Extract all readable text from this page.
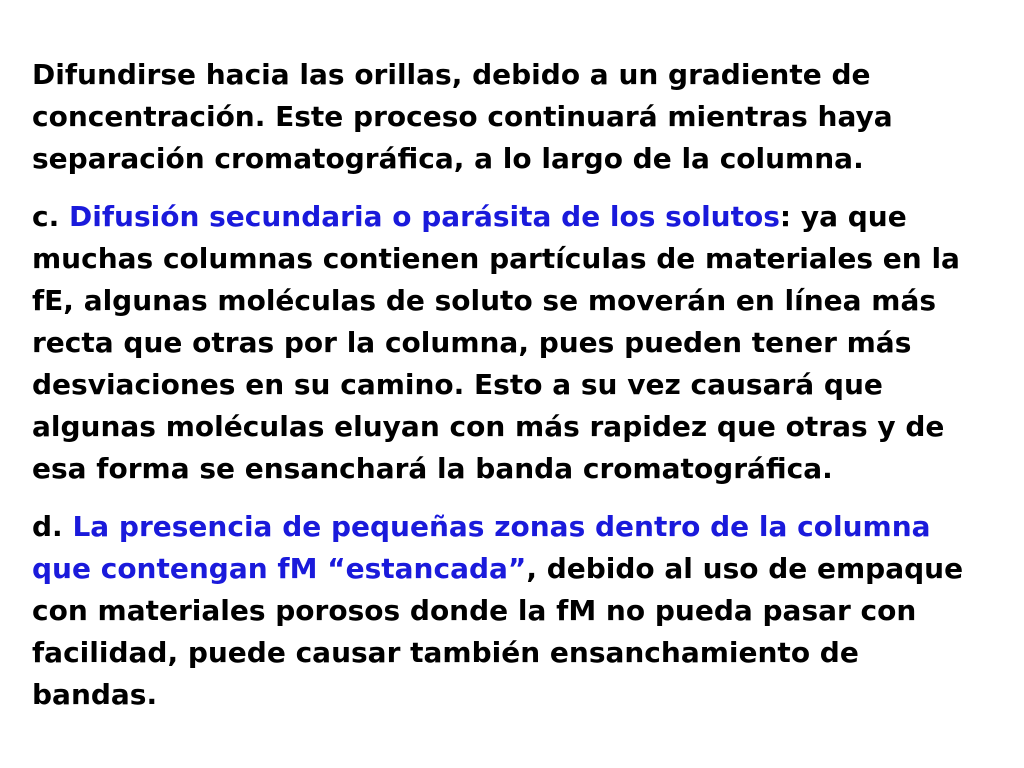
Difundirse hacia las orillas, debido a un gradiente de
concentración. Este proceso continuará mientras haya
separación cromatográfica, a lo largo de la columna.

c. Difusión secundaria o parásita de los solutos: ya que
muchas columnas contienen partículas de materiales en la
fE, algunas moléculas de soluto se moverán en línea más
recta que otras por la columna, pues pueden tener más
desviaciones en su camino. Esto a su vez causará que
algunas moléculas eluyan con más rapidez que otras y de
esa forma se ensanchará la banda cromatográfica.

d. La presencia de pequeñas zonas dentro de la columna
que contengan fM “estancada”, debido al uso de empaque
con materiales porosos donde la fM no pueda pasar con
facilidad, puede causar también ensanchamiento de
bandas.
